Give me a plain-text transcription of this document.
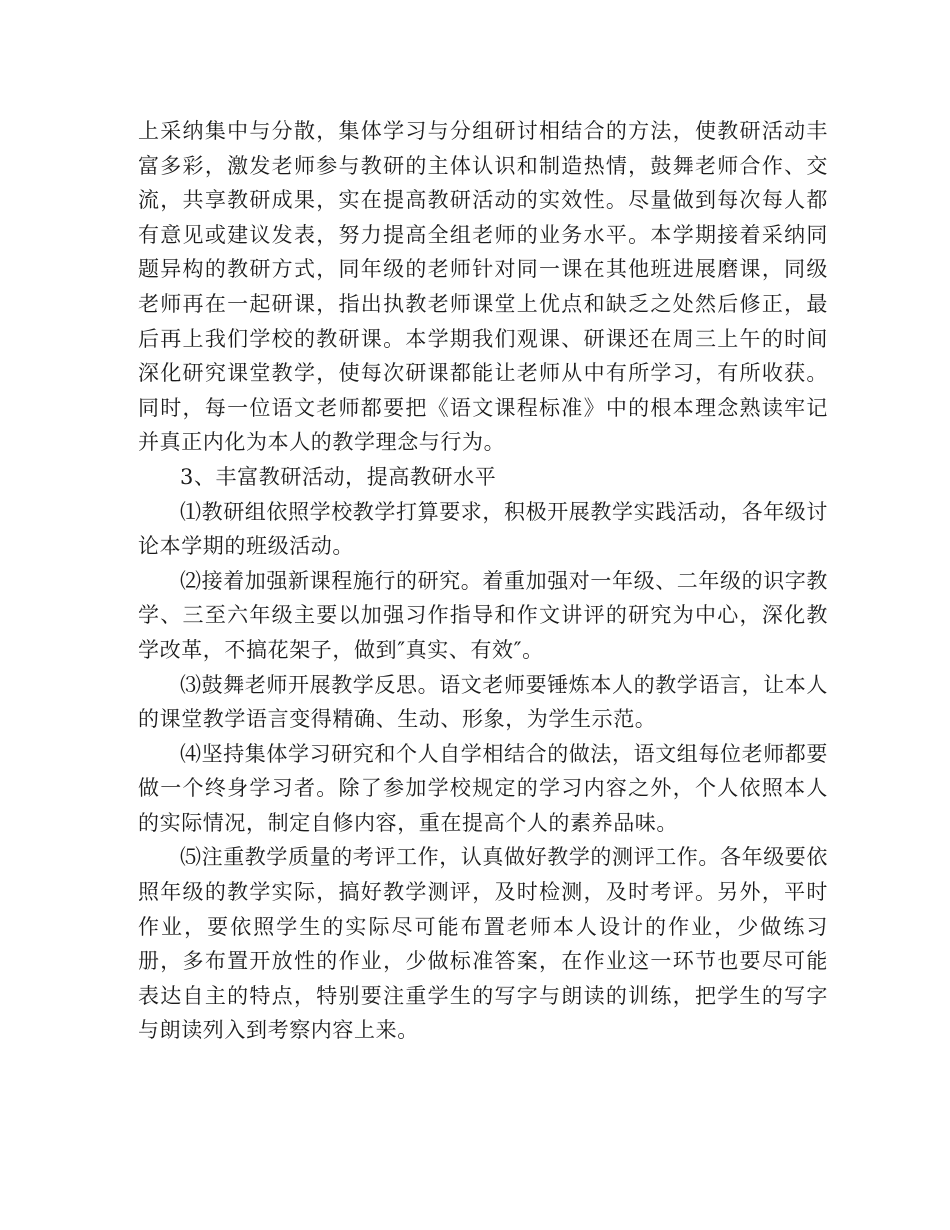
上采纳集中与分散，集体学习与分组研讨相结合的方法，使教研活动丰富多彩，激发老师参与教研的主体认识和制造热情，鼓舞老师合作、交流，共享教研成果，实在提高教研活动的实效性。尽量做到每次每人都有意见或建议发表，努力提高全组老师的业务水平。本学期接着采纳同题异构的教研方式，同年级的老师针对同一课在其他班进展磨课，同级老师再在一起研课，指出执教老师课堂上优点和缺乏之处然后修正，最后再上我们学校的教研课。本学期我们观课、研课还在周三上午的时间深化研究课堂教学，使每次研课都能让老师从中有所学习，有所收获。同时，每一位语文老师都要把《语文课程标准》中的根本理念熟读牢记并真正内化为本人的教学理念与行为。

3、丰富教研活动，提高教研水平

⑴教研组依照学校教学打算要求，积极开展教学实践活动，各年级讨论本学期的班级活动。

⑵接着加强新课程施行的研究。着重加强对一年级、二年级的识字教学、三至六年级主要以加强习作指导和作文讲评的研究为中心，深化教学改革，不搞花架子，做到″真实、有效″。

⑶鼓舞老师开展教学反思。语文老师要锤炼本人的教学语言，让本人的课堂教学语言变得精确、生动、形象，为学生示范。

⑷坚持集体学习研究和个人自学相结合的做法，语文组每位老师都要做一个终身学习者。除了参加学校规定的学习内容之外，个人依照本人的实际情况，制定自修内容，重在提高个人的素养品味。

⑸注重教学质量的考评工作，认真做好教学的测评工作。各年级要依照年级的教学实际，搞好教学测评，及时检测，及时考评。另外，平时作业，要依照学生的实际尽可能布置老师本人设计的作业，少做练习册，多布置开放性的作业，少做标准答案，在作业这一环节也要尽可能表达自主的特点，特别要注重学生的写字与朗读的训练，把学生的写字与朗读列入到考察内容上来。
